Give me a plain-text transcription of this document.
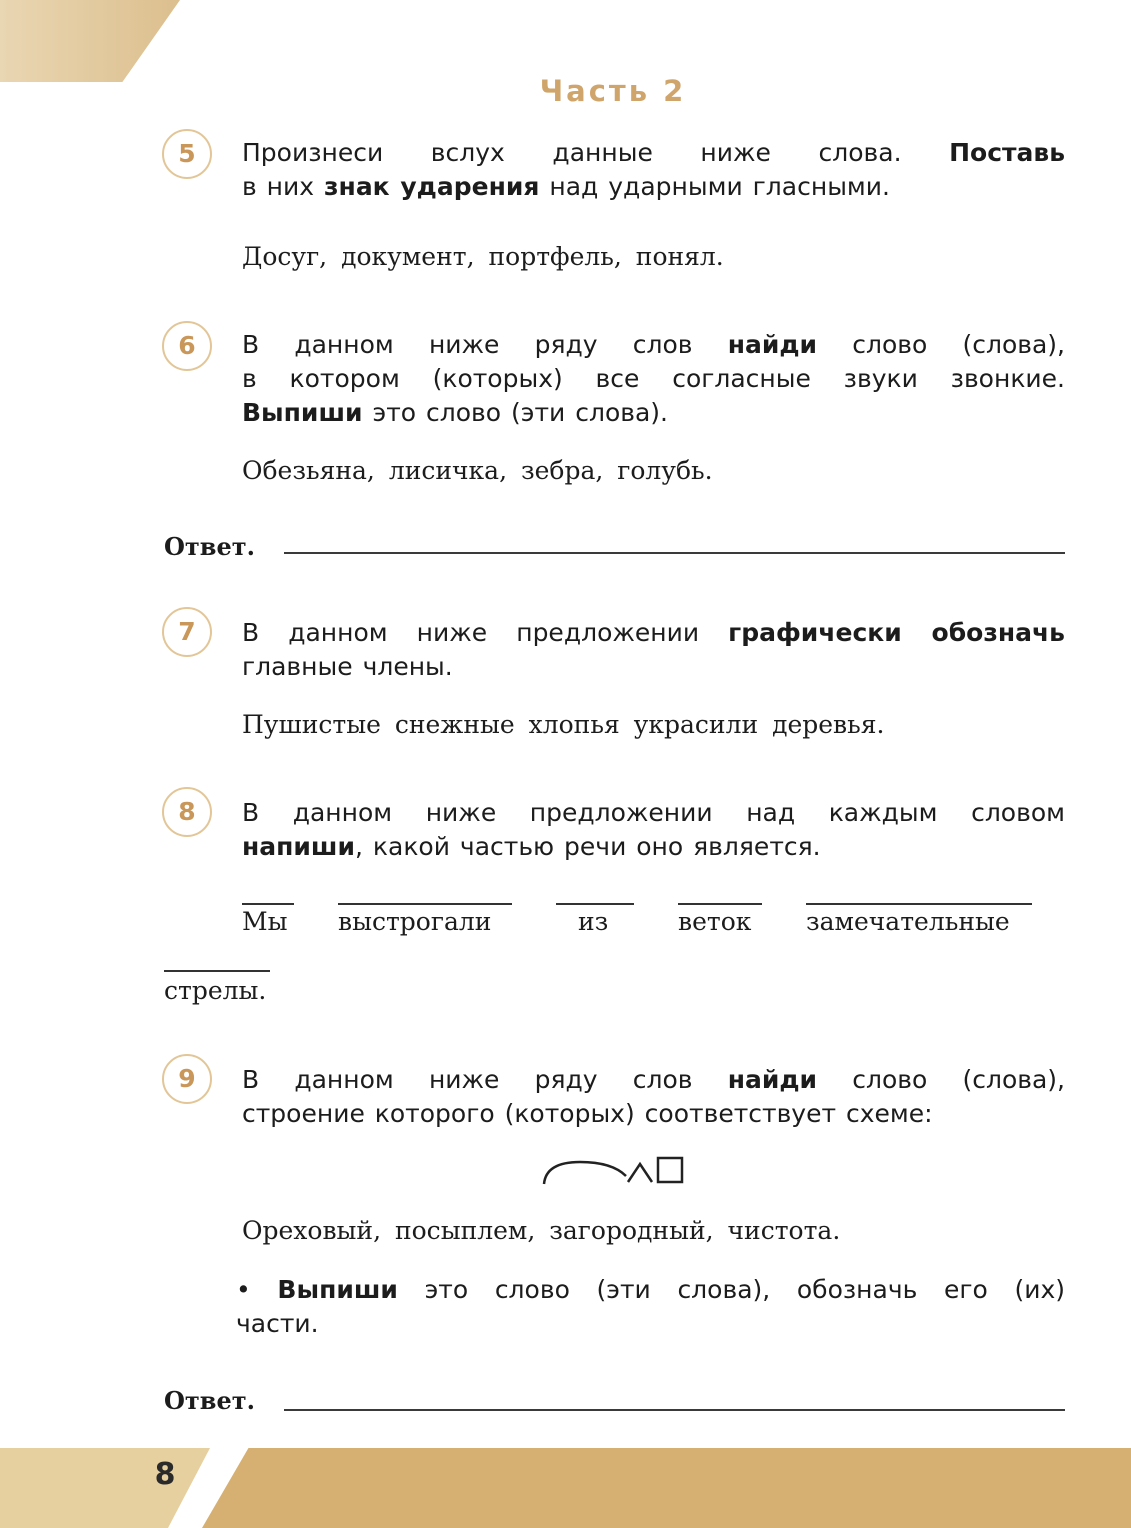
Часть 2
5	Произнеси вслух данные ниже слова. Поставь
в них знак ударения над ударными гласными.
Досуг, документ, портфель, понял.
6	В данном ниже ряду слов найди слово (слова),
в котором (которых) все согласные звуки звонкие.
Выпиши это слово (эти слова).
Обезьяна, лисичка, зебра, голубь.
Ответ.
7	В данном ниже предложении графически обозначь
главные члены.
Пушистые снежные хлопья украсили деревья.
8	В данном ниже предложении над каждым словом
напиши, какой частью речи оно является.
Мы выстрогали	из	веток замечательные
стрелы.
9	В данном ниже ряду слов найди слово (слова),
строение которого (которых) соответствует схеме:
Ореховый, посыплем, загородный, чистота.
• Выпиши это слово (эти слова), обозначь его (их)
части.
Ответ.
8
